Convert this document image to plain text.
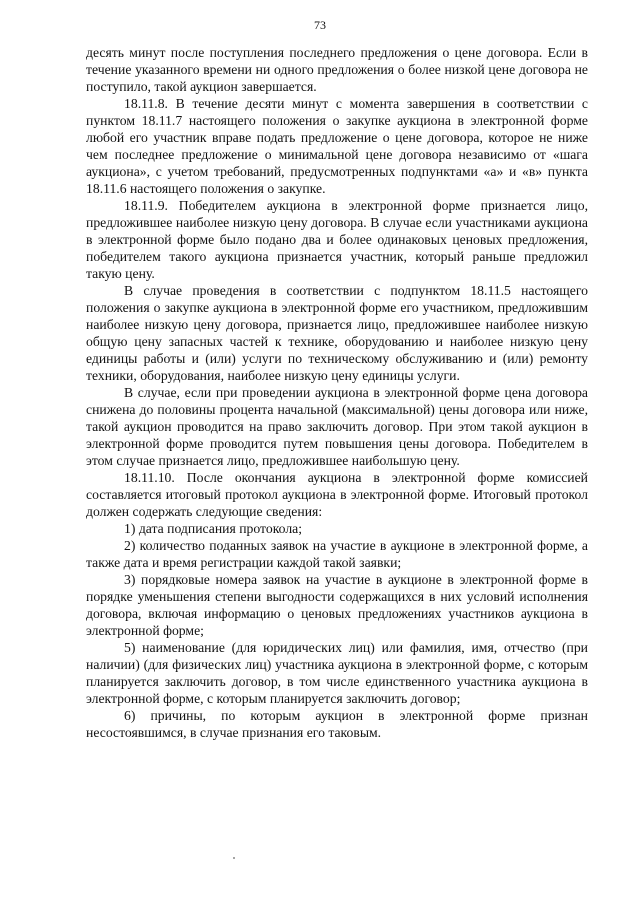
73

десять минут после поступления последнего предложения о цене договора. Если в течение указанного времени ни одного предложения о более низкой цене договора не поступило, такой аукцион завершается.

18.11.8. В течение десяти минут с момента завершения в соответствии с пунктом 18.11.7 настоящего положения о закупке аукциона в электронной форме любой его участник вправе подать предложение о цене договора, которое не ниже чем последнее предложение о минимальной цене договора независимо от «шага аукциона», с учетом требований, предусмотренных подпунктами «а» и «в» пункта 18.11.6 настоящего положения о закупке.

18.11.9. Победителем аукциона в электронной форме признается лицо, предложившее наиболее низкую цену договора. В случае если участниками аукциона в электронной форме было подано два и более одинаковых ценовых предложения, победителем такого аукциона признается участник, который раньше предложил такую цену.

В случае проведения в соответствии с подпунктом 18.11.5 настоящего положения о закупке аукциона в электронной форме его участником, предложившим наиболее низкую цену договора, признается лицо, предложившее наиболее низкую общую цену запасных частей к технике, оборудованию и наиболее низкую цену единицы работы и (или) услуги по техническому обслуживанию и (или) ремонту техники, оборудования, наиболее низкую цену единицы услуги.

В случае, если при проведении аукциона в электронной форме цена договора снижена до половины процента начальной (максимальной) цены договора или ниже, такой аукцион проводится на право заключить договор. При этом такой аукцион в электронной форме проводится путем повышения цены договора. Победителем в этом случае признается лицо, предложившее наибольшую цену.

18.11.10. После окончания аукциона в электронной форме комиссией составляется итоговый протокол аукциона в электронной форме. Итоговый протокол должен содержать следующие сведения:

1) дата подписания протокола;

2) количество поданных заявок на участие в аукционе в электронной форме, а также дата и время регистрации каждой такой заявки;

3) порядковые номера заявок на участие в аукционе в электронной форме в порядке уменьшения степени выгодности содержащихся в них условий исполнения договора, включая информацию о ценовых предложениях участников аукциона в электронной форме;

5) наименование (для юридических лиц) или фамилия, имя, отчество (при наличии) (для физических лиц) участника аукциона в электронной форме, с которым планируется заключить договор, в том числе единственного участника аукциона в электронной форме, с которым планируется заключить договор;

6) причины, по которым аукцион в электронной форме признан несостоявшимся, в случае признания его таковым.
